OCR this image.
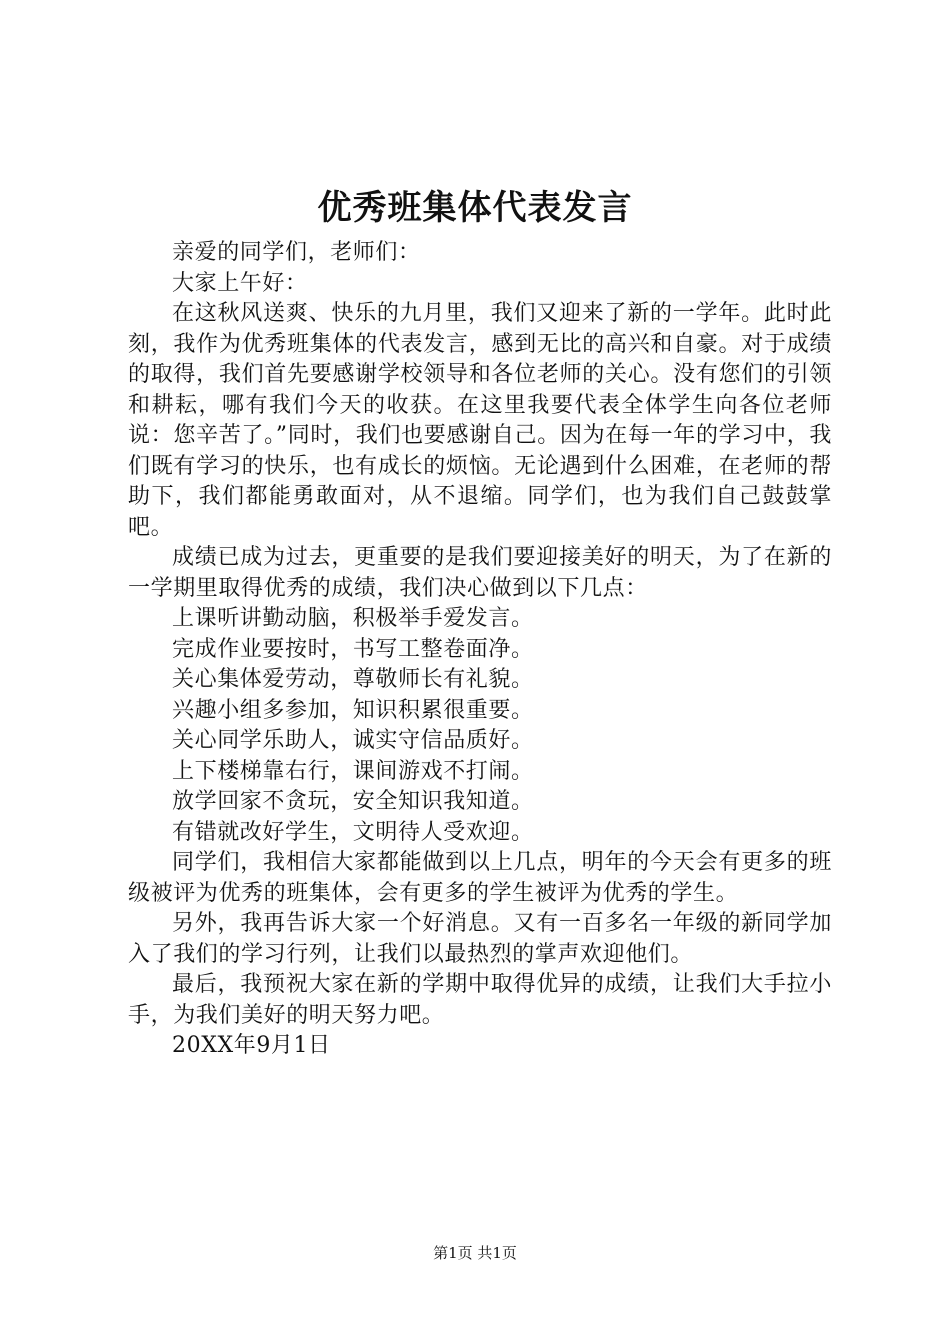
优秀班集体代表发言

亲爱的同学们，老师们：

大家上午好：

在这秋风送爽、快乐的九月里，我们又迎来了新的一学年。此时此刻，我作为优秀班集体的代表发言，感到无比的高兴和自豪。对于成绩的取得，我们首先要感谢学校领导和各位老师的关心。没有您们的引领和耕耘，哪有我们今天的收获。在这里我要代表全体学生向各位老师说：您辛苦了。”同时，我们也要感谢自己。因为在每一年的学习中，我们既有学习的快乐，也有成长的烦恼。无论遇到什么困难，在老师的帮助下，我们都能勇敢面对，从不退缩。同学们，也为我们自己鼓鼓掌吧。

成绩已成为过去，更重要的是我们要迎接美好的明天，为了在新的一学期里取得优秀的成绩，我们决心做到以下几点：

上课听讲勤动脑，积极举手爱发言。

完成作业要按时，书写工整卷面净。

关心集体爱劳动，尊敬师长有礼貌。

兴趣小组多参加，知识积累很重要。

关心同学乐助人，诚实守信品质好。

上下楼梯靠右行，课间游戏不打闹。

放学回家不贪玩，安全知识我知道。

有错就改好学生，文明待人受欢迎。

同学们，我相信大家都能做到以上几点，明年的今天会有更多的班级被评为优秀的班集体，会有更多的学生被评为优秀的学生。

另外，我再告诉大家一个好消息。又有一百多名一年级的新同学加入了我们的学习行列，让我们以最热烈的掌声欢迎他们。

最后，我预祝大家在新的学期中取得优异的成绩，让我们大手拉小手，为我们美好的明天努力吧。

20XX年9月1日

第1页 共1页
